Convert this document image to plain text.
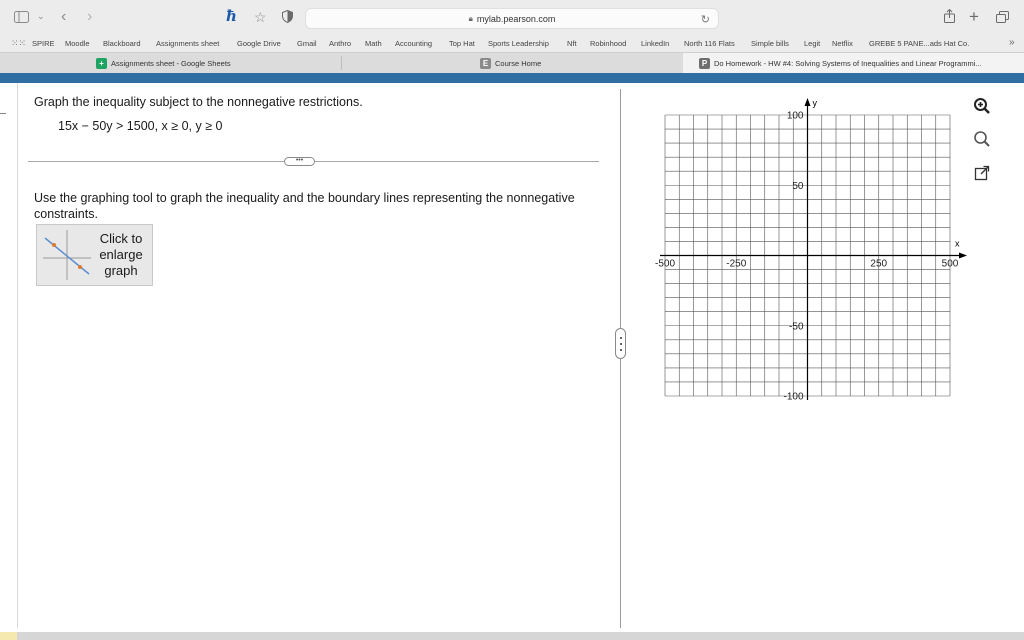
⌄ ‹ ›	ħ ☆	🔒︎ mylab.pearson.com	↻	+
⁙⁙ SPIRE Moodle Blackboard Assignments sheet Google Drive Gmail Anthro Math Accounting Top Hat Sports Leadership Nft Robinhood LinkedIn North 116 Flats Simple bills Legit Netflix GREBE 5 PANE...ads Hat Co.	»
+ Assignments sheet - Google Sheets	E Course Home	P Do Homework - HW #4: Solving Systems of Inequalities and Linear Programmi...
Graph the inequality subject to the nonnegative restrictions.
15x − 50y > 1500, x ≥ 0, y ≥ 0
•••
Use the graphing tool to graph the inequality and the boundary lines representing the nonnegative constraints.
Click to enlarge graph
x
y
-500	-250	250	500
100
50
-50
-100
